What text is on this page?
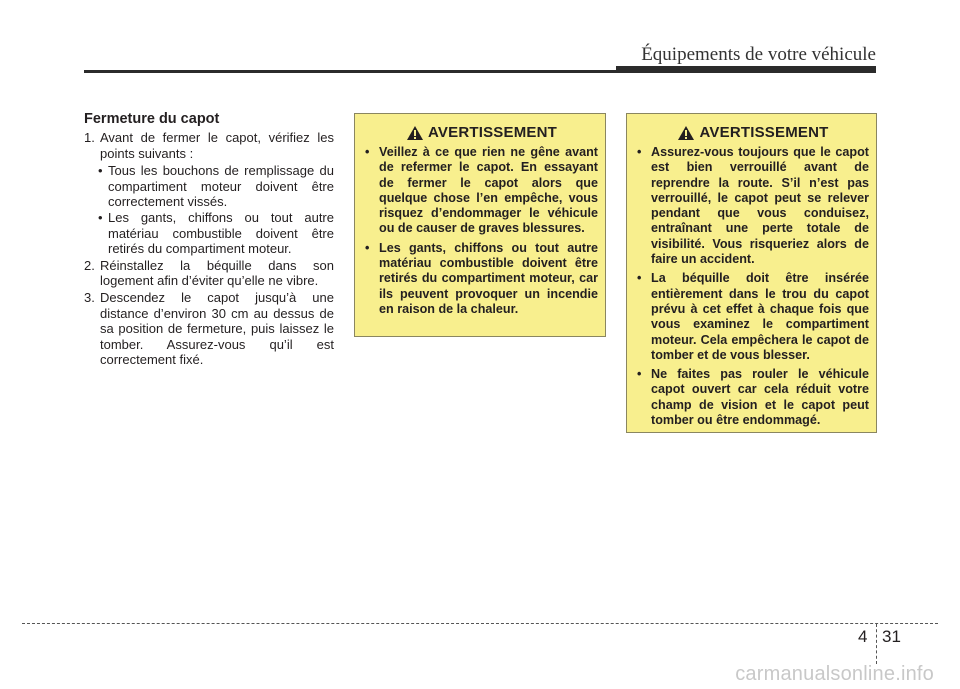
Équipements de votre véhicule
Fermeture du capot
1. Avant de fermer le capot, vérifiez les points suivants :
• Tous les bouchons de remplissage du compartiment moteur doivent être correctement vissés.
• Les gants, chiffons ou tout autre matériau combustible doivent être retirés du compartiment moteur.
2. Réinstallez la béquille dans son logement afin d’éviter qu’elle ne vibre.
3. Descendez le capot jusqu’à une distance d’environ 30 cm au dessus de sa position de fermeture, puis laissez le tomber. Assurez-vous qu’il est correctement fixé.
AVERTISSEMENT
• Veillez à ce que rien ne gêne avant de refermer le capot. En essayant de fermer le capot alors que quelque chose l’en empêche, vous risquez d’endommager le véhicule ou de causer de graves blessures.
• Les gants, chiffons ou tout autre matériau combustible doivent être retirés du compartiment moteur, car ils peuvent provoquer un incendie en raison de la chaleur.
AVERTISSEMENT
• Assurez-vous toujours que le capot est bien verrouillé avant de reprendre la route. S’il n’est pas verrouillé, le capot peut se relever pendant que vous conduisez, entraînant une perte totale de visibilité. Vous risqueriez alors de faire un accident.
• La béquille doit être insérée entièrement dans le trou du capot prévu à cet effet à chaque fois que vous examinez le compartiment moteur. Cela empêchera le capot de tomber et de vous blesser.
• Ne faites pas rouler le véhicule capot ouvert car cela réduit votre champ de vision et le capot peut tomber ou être endommagé.
4 31
carmanualsonline.info
